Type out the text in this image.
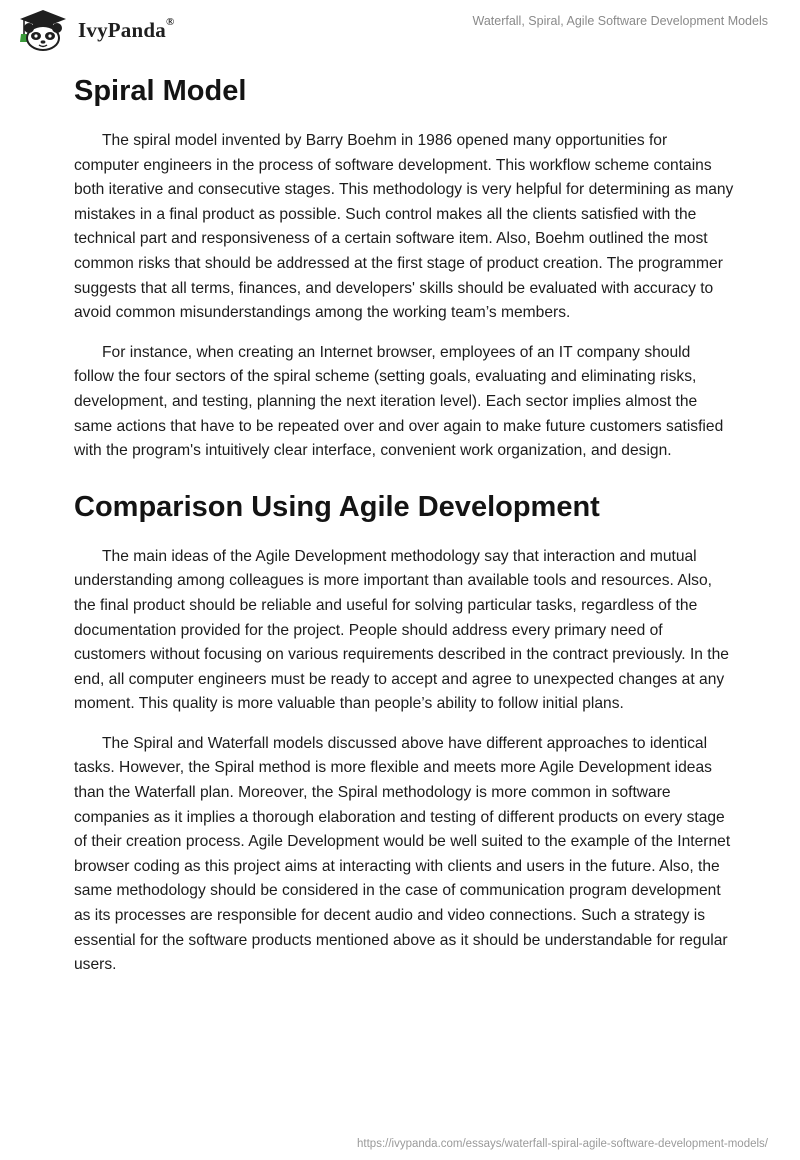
IvyPanda®	Waterfall, Spiral, Agile Software Development Models
Spiral Model

The spiral model invented by Barry Boehm in 1986 opened many opportunities for computer engineers in the process of software development. This workflow scheme contains both iterative and consecutive stages. This methodology is very helpful for determining as many mistakes in a final product as possible. Such control makes all the clients satisfied with the technical part and responsiveness of a certain software item. Also, Boehm outlined the most common risks that should be addressed at the first stage of product creation. The programmer suggests that all terms, finances, and developers' skills should be evaluated with accuracy to avoid common misunderstandings among the working team’s members.

For instance, when creating an Internet browser, employees of an IT company should follow the four sectors of the spiral scheme (setting goals, evaluating and eliminating risks, development, and testing, planning the next iteration level). Each sector implies almost the same actions that have to be repeated over and over again to make future customers satisfied with the program's intuitively clear interface, convenient work organization, and design.

Comparison Using Agile Development

The main ideas of the Agile Development methodology say that interaction and mutual understanding among colleagues is more important than available tools and resources. Also, the final product should be reliable and useful for solving particular tasks, regardless of the documentation provided for the project. People should address every primary need of customers without focusing on various requirements described in the contract previously. In the end, all computer engineers must be ready to accept and agree to unexpected changes at any moment. This quality is more valuable than people’s ability to follow initial plans.

The Spiral and Waterfall models discussed above have different approaches to identical tasks. However, the Spiral method is more flexible and meets more Agile Development ideas than the Waterfall plan. Moreover, the Spiral methodology is more common in software companies as it implies a thorough elaboration and testing of different products on every stage of their creation process. Agile Development would be well suited to the example of the Internet browser coding as this project aims at interacting with clients and users in the future. Also, the same methodology should be considered in the case of communication program development as its processes are responsible for decent audio and video connections. Such a strategy is essential for the software products mentioned above as it should be understandable for regular users.

https://ivypanda.com/essays/waterfall-spiral-agile-software-development-models/
